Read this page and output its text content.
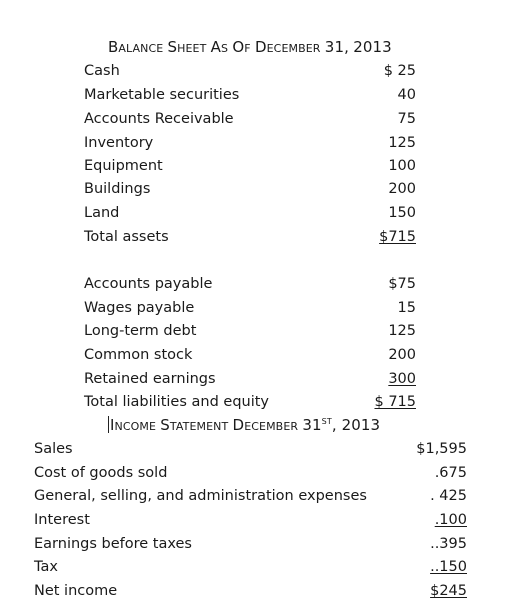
BALANCE SHEET AS OF DECEMBER 31, 2013
Cash	$ 25
Marketable securities	40
Accounts Receivable	75
Inventory	125
Equipment	100
Buildings	200
Land	150
Total assets	$715
Accounts payable	$75
Wages payable	15
Long-term debt	125
Common stock	200
Retained earnings	300
Total liabilities and equity	$ 715
INCOME STATEMENT DECEMBER 31ST, 2013
Sales	$1,595
Cost of goods sold	.675
General, selling, and administration expenses	. 425
Interest	.100
Earnings before taxes	..395
Tax	..150
Net income	$245
